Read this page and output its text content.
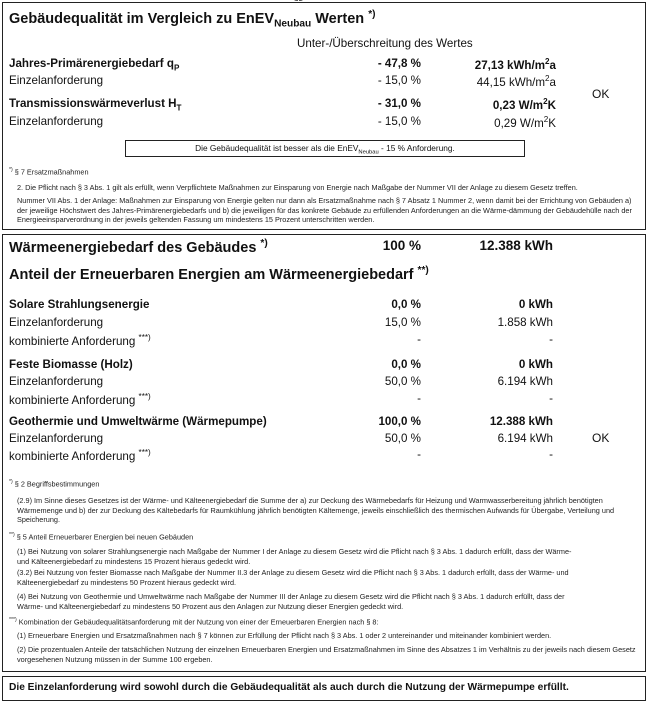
Gebäudequalität im Vergleich zu EnEV$_{Neubau}$ Werten *)
Unter-/Überschreitung des Wertes
Jahres-Primärenergiebedarf $q_P$	- 47,8 %	27,13 kWh/$m^2a$
Einzelanforderung	- 15,0 %	44,15 kWh/$m^2a$
Transmissionswärmeverlust $H_T$	- 31,0 %	0,23 $W/m^2K$
Einzelanforderung	- 15,0 %	0,29 $W/m^2K$
OK
Die Gebäudequalität ist besser als die EnEV$_{Neubau}$ - 15 % Anforderung.
*) § 7 Ersatzmaßnahmen
2. Die Pflicht nach § 3 Abs. 1 gilt als erfüllt, wenn Verpflichtete Maßnahmen zur Einsparung von Energie nach Maßgabe der Nummer VII der Anlage zu diesem Gesetz treffen.
Nummer VII Abs. 1 der Anlage: Maßnahmen zur Einsparung von Energie gelten nur dann als Ersatzmaßnahme nach § 7 Absatz 1 Nummer 2, wenn damit bei der Errichtung von Gebäuden a) der jeweilige Höchstwert des Jahres-Primärenergiebedarfs und b) die jeweiligen für das konkrete Gebäude zu erfüllenden Anforderungen an die Wärme-dämmung der Gebäudehülle nach der Energieeinsparverordnung in der jeweils geltenden Fassung um mindestens 15 Prozent unterschritten werden.
Wärmeenergiebedarf des Gebäudes *)	100 %	12.388 kWh
Anteil der Erneuerbaren Energien am Wärmeenergiebedarf **)
Solare Strahlungsenergie	0,0 %	0 kWh
Einzelanforderung	15,0 %	1.858 kWh
kombinierte Anforderung ***)	-	-
Feste Biomasse (Holz)	0,0 %	0 kWh
Einzelanforderung	50,0 %	6.194 kWh
kombinierte Anforderung ***)	-	-
Geothermie und Umweltwärme (Wärmepumpe)	100,0 %	12.388 kWh
Einzelanforderung	50,0 %	6.194 kWh
kombinierte Anforderung ***)	-	-
OK
*) § 2 Begriffsbestimmungen
(2.9) Im Sinne dieses Gesetzes ist der Wärme- und Kälteenergiebedarf die Summe der a) zur Deckung des Wärmebedarfs für Heizung und Warmwasserbereitung jährlich benötigten Wärmemenge und b) der zur Deckung des Kältebedarfs für Raumkühlung jährlich benötigten Kältemenge, jeweils einschließlich des thermischen Aufwands für Übergabe, Verteilung und Speicherung.
**) § 5 Anteil Erneuerbarer Energien bei neuen Gebäuden
(1) Bei Nutzung von solarer Strahlungsenergie nach Maßgabe der Nummer I der Anlage zu diesem Gesetz wird die Pflicht nach § 3 Abs. 1 dadurch erfüllt, dass der Wärme- und Kälteenergiebedarf zu mindestens 15 Prozent hieraus gedeckt wird.
(3.2) Bei Nutzung von fester Biomasse nach Maßgabe der Nummer II.3 der Anlage zu diesem Gesetz wird die Pflicht nach § 3 Abs. 1 dadurch erfüllt, dass der Wärme- und Kälteenergiebedarf zu mindestens 50 Prozent hieraus gedeckt wird.
(4) Bei Nutzung von Geothermie und Umweltwärme nach Maßgabe der Nummer III der Anlage zu diesem Gesetz wird die Pflicht nach § 3 Abs. 1 dadurch erfüllt, dass der Wärme- und Kälteenergiebedarf zu mindestens 50 Prozent aus den Anlagen zur Nutzung dieser Energien gedeckt wird.
***) Kombination der Gebäudequalitätsanforderung mit der Nutzung von einer der Erneuerbaren Energien nach § 8:
(1) Erneuerbare Energien und Ersatzmaßnahmen nach § 7 können zur Erfüllung der Pflicht nach § 3 Abs. 1 oder 2 untereinander und miteinander kombiniert werden.
(2) Die prozentualen Anteile der tatsächlichen Nutzung der einzelnen Erneuerbaren Energien und Ersatzmaßnahmen im Sinne des Absatzes 1 im Verhältnis zu der jeweils nach diesem Gesetz vorgesehenen Nutzung müssen in der Summe 100 ergeben.
Die Einzelanforderung wird sowohl durch die Gebäudequalität als auch durch die Nutzung der Wärmepumpe erfüllt.
